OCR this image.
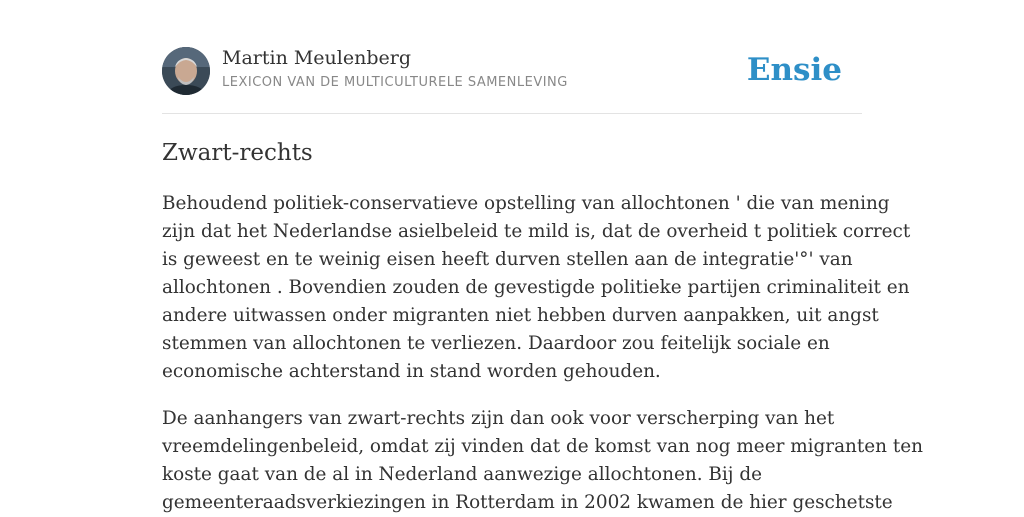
Martin Meulenberg
LEXICON VAN DE MULTICULTURELE SAMENLEVING	Ensie
Zwart-rechts

Behoudend politiek-conservatieve opstelling van allochtonen ' die van mening
zijn dat het Nederlandse asielbeleid te mild is, dat de overheid t politiek correct
is geweest en te weinig eisen heeft durven stellen aan de integratie'°' van
allochtonen . Bovendien zouden de gevestigde politieke partijen criminaliteit en
andere uitwassen onder migranten niet hebben durven aanpakken, uit angst
stemmen van allochtonen te verliezen. Daardoor zou feitelijk sociale en
economische achterstand in stand worden gehouden.

De aanhangers van zwart-rechts zijn dan ook voor verscherping van het
vreemdelingenbeleid, omdat zij vinden dat de komst van nog meer migranten ten
koste gaat van de al in Nederland aanwezige allochtonen. Bij de
gemeenteraadsverkiezingen in Rotterdam in 2002 kwamen de hier geschetste
